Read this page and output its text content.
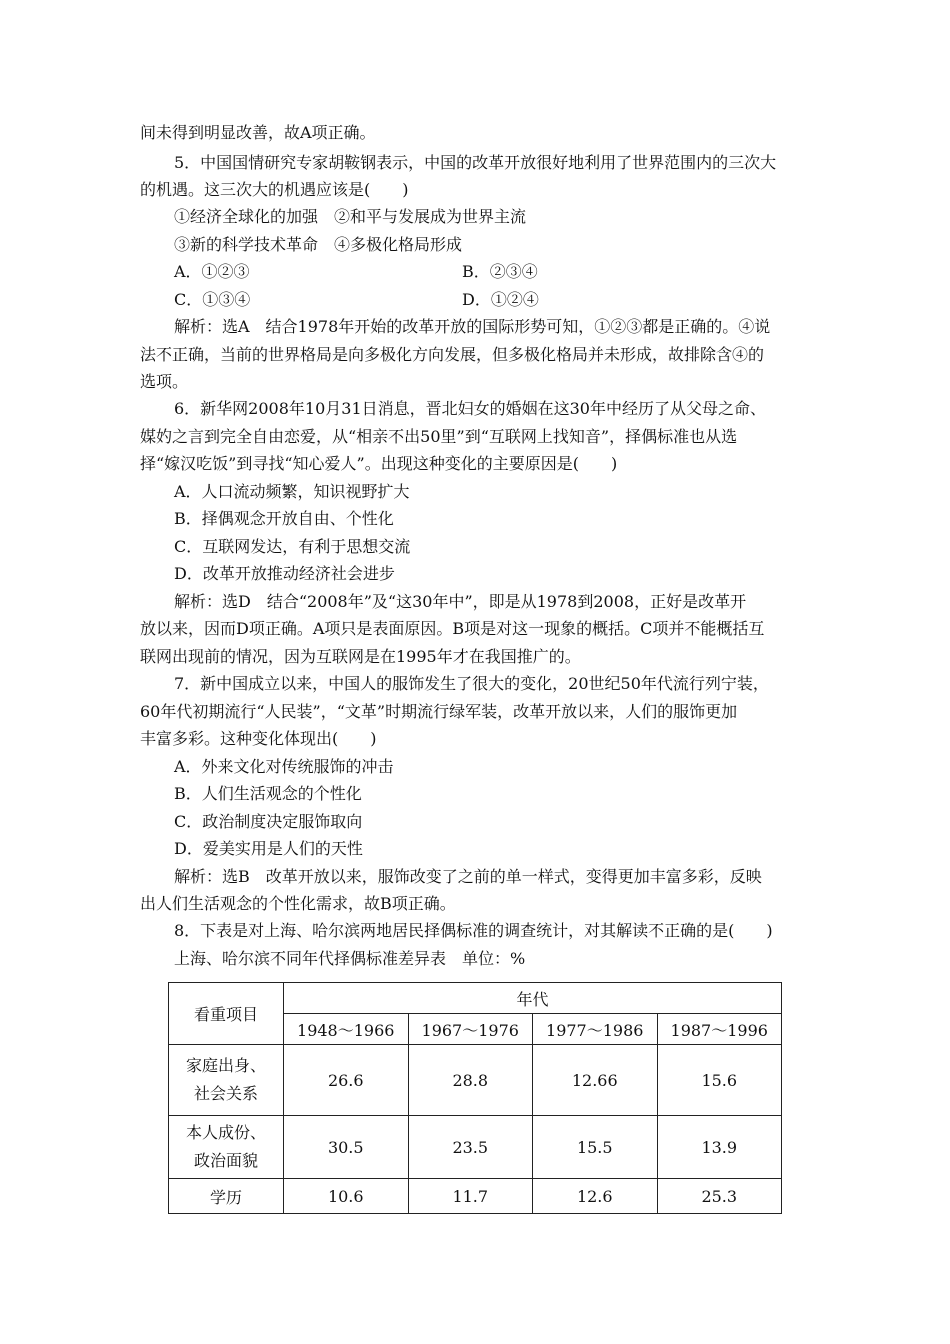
间未得到明显改善，故A项正确。
5．中国国情研究专家胡鞍钢表示，中国的改革开放很好地利用了世界范围内的三次大
的机遇。这三次大的机遇应该是(　　)
①经济全球化的加强　②和平与发展成为世界主流
③新的科学技术革命　④多极化格局形成
A．①②③	B．②③④
C．①③④	D．①②④
解析：选A　结合1978年开始的改革开放的国际形势可知，①②③都是正确的。④说
法不正确，当前的世界格局是向多极化方向发展，但多极化格局并未形成，故排除含④的
选项。
6．新华网2008年10月31日消息，晋北妇女的婚姻在这30年中经历了从父母之命、
媒妁之言到完全自由恋爱，从“相亲不出50里”到“互联网上找知音”，择偶标准也从选
择“嫁汉吃饭”到寻找“知心爱人”。出现这种变化的主要原因是(　　)
A．人口流动频繁，知识视野扩大
B．择偶观念开放自由、个性化
C．互联网发达，有利于思想交流
D．改革开放推动经济社会进步
解析：选D　结合“2008年”及“这30年中”，即是从1978到2008，正好是改革开
放以来，因而D项正确。A项只是表面原因。B项是对这一现象的概括。C项并不能概括互
联网出现前的情况，因为互联网是在1995年才在我国推广的。
7．新中国成立以来，中国人的服饰发生了很大的变化，20世纪50年代流行列宁装，
60年代初期流行“人民装”，“文革”时期流行绿军装，改革开放以来，人们的服饰更加
丰富多彩。这种变化体现出(　　)
A．外来文化对传统服饰的冲击
B．人们生活观念的个性化
C．政治制度决定服饰取向
D．爱美实用是人们的天性
解析：选B　改革开放以来，服饰改变了之前的单一样式，变得更加丰富多彩，反映
出人们生活观念的个性化需求，故B项正确。
8．下表是对上海、哈尔滨两地居民择偶标准的调查统计，对其解读不正确的是(　　)
上海、哈尔滨不同年代择偶标准差异表　单位：%
看重项目	年代			
	1948～1966	1967～1976	1977～1986	1987～1996

家庭出身、
社会关系	26.6	28.8	12.66	15.6

本人成份、
政治面貌	30.5	23.5	15.5	13.9
学历	10.6	11.7	12.6	25.3
